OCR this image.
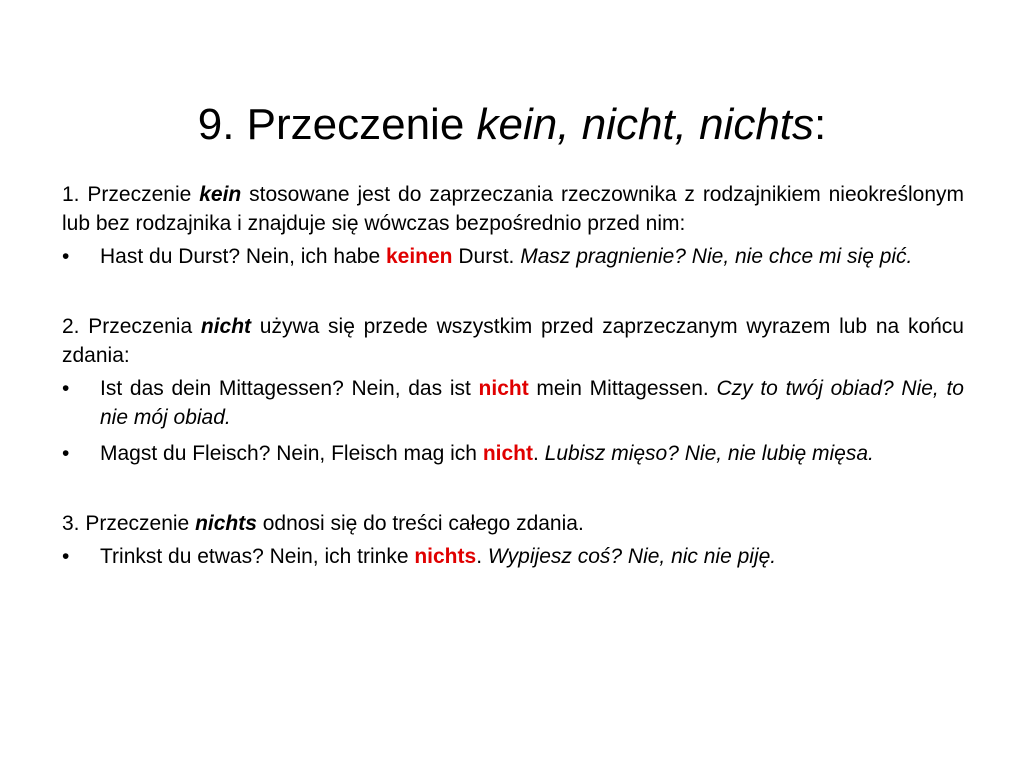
9. Przeczenie kein, nicht, nichts:

1. Przeczenie kein stosowane jest do zaprzeczania rzeczownika z rodzajnikiem nieokreślonym lub bez rodzajnika i znajduje się wówczas bezpośrednio przed nim:

•	Hast du Durst? Nein, ich habe keinen Durst. Masz pragnienie? Nie, nie chce mi się pić.

2. Przeczenia nicht używa się przede wszystkim przed zaprzeczanym wyrazem lub na końcu zdania:

•	Ist das dein Mittagessen? Nein, das ist nicht mein Mittagessen. Czy to twój obiad? Nie, to nie mój obiad.
•	Magst du Fleisch? Nein, Fleisch mag ich nicht. Lubisz mięso? Nie, nie lubię mięsa.

3. Przeczenie nichts odnosi się do treści całego zdania.

•	Trinkst du etwas? Nein, ich trinke nichts. Wypijesz coś? Nie, nic nie piję.
